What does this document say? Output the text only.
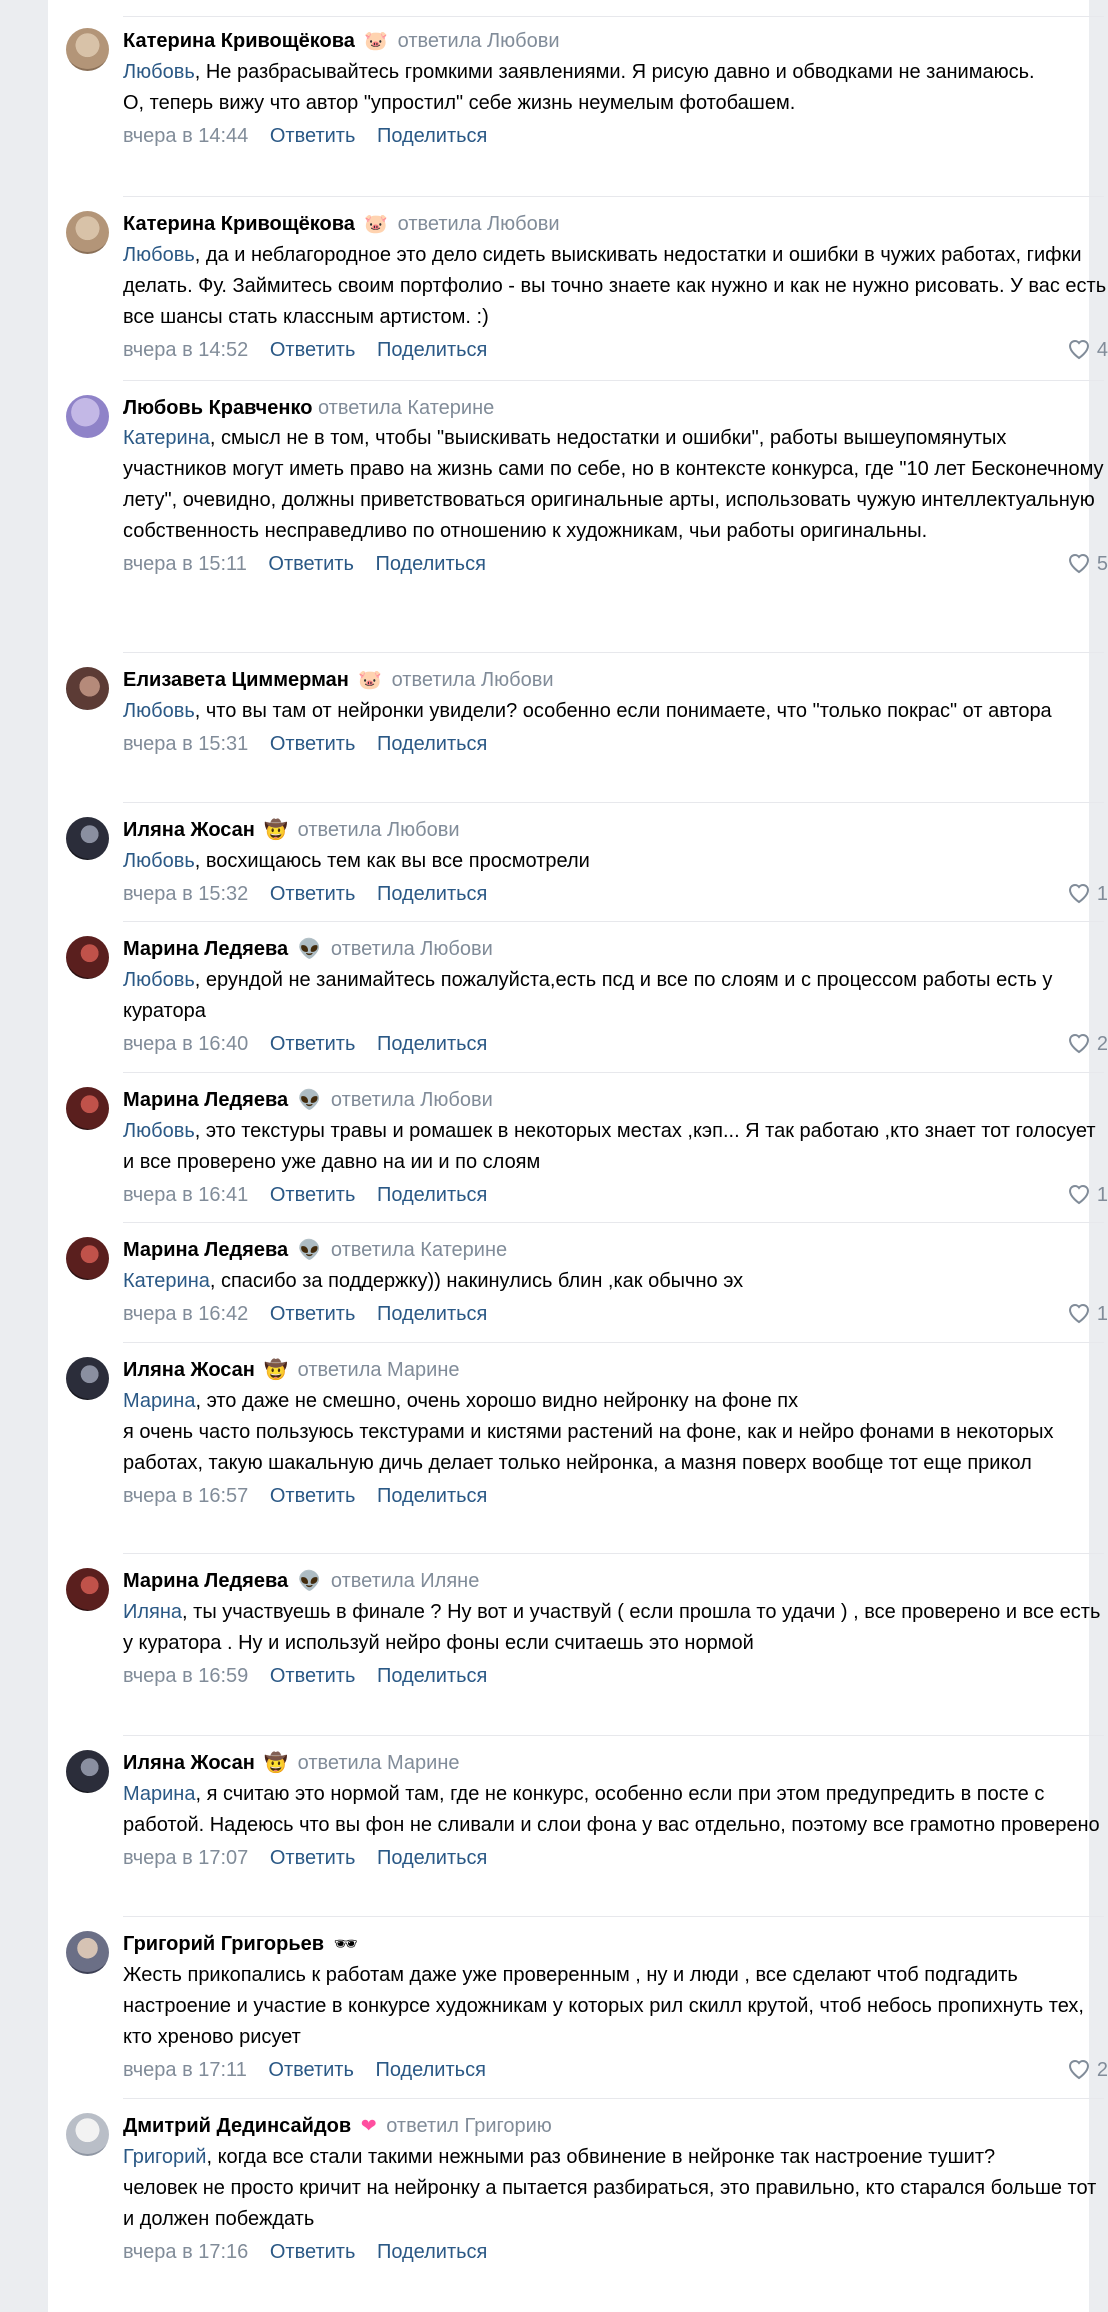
Катерина Кривощёкова 🐷 ответила Любови

Любовь, Не разбрасывайтесь громкими заявлениями. Я рисую давно и обводками не занимаюсь.

О, теперь вижу что автор "упростил" себе жизнь неумелым фотобашем.

вчера в 14:44 Ответить Поделиться
Катерина Кривощёкова 🐷 ответила Любови

Любовь, да и неблагородное это дело сидеть выискивать недостатки и ошибки в чужих работах, гифки делать. Фу. Займитесь своим портфолио - вы точно знаете как нужно и как не нужно рисовать. У вас есть все шансы стать классным артистом. :)

вчера в 14:52 Ответить Поделиться	4
Любовь Кравченко ответила Катерине

Катерина, смысл не в том, чтобы "выискивать недостатки и ошибки", работы вышеупомянутых участников могут иметь право на жизнь сами по себе, но в контексте конкурса, где "10 лет Бесконечному лету", очевидно, должны приветствоваться оригинальные арты, использовать чужую интеллектуальную собственность несправедливо по отношению к художникам, чьи работы оригинальны.

вчера в 15:11 Ответить Поделиться	5
Елизавета Циммерман 🐷 ответила Любови

Любовь, что вы там от нейронки увидели? особенно если понимаете, что "только покрас" от автора

вчера в 15:31 Ответить Поделиться
Иляна Жосан 🤠 ответила Любови

Любовь, восхищаюсь тем как вы все просмотрели

вчера в 15:32 Ответить Поделиться	1
Марина Ледяева 👽 ответила Любови

Любовь, ерундой не занимайтесь пожалуйста,есть псд и все по слоям и с процессом работы есть у куратора

вчера в 16:40 Ответить Поделиться	2
Марина Ледяева 👽 ответила Любови

Любовь, это текстуры травы и ромашек в некоторых местах ,кэп... Я так работаю ,кто знает тот голосует и все проверено уже давно на ии и по слоям

вчера в 16:41 Ответить Поделиться	1
Марина Ледяева 👽 ответила Катерине

Катерина, спасибо за поддержку)) накинулись блин ,как обычно эх

вчера в 16:42 Ответить Поделиться	1
Иляна Жосан 🤠 ответила Марине

Марина, это даже не смешно, очень хорошо видно нейронку на фоне пх

я очень часто пользуюсь текстурами и кистями растений на фоне, как и нейро фонами в некоторых работах, такую шакальную дичь делает только нейронка, а мазня поверх вообще тот еще прикол

вчера в 16:57 Ответить Поделиться
Марина Ледяева 👽 ответила Иляне

Иляна, ты участвуешь в финале ? Ну вот и участвуй ( если прошла то удачи ) , все проверено и все есть у куратора . Ну и используй нейро фоны если считаешь это нормой

вчера в 16:59 Ответить Поделиться
Иляна Жосан 🤠 ответила Марине

Марина, я считаю это нормой там, где не конкурс, особенно если при этом предупредить в посте с работой. Надеюсь что вы фон не сливали и слои фона у вас отдельно, поэтому все грамотно проверено

вчера в 17:07 Ответить Поделиться
Григорий Григорьев 🕶

Жесть прикопались к работам даже уже проверенным , ну и люди , все сделают чтоб подгадить настроение и участие в конкурсе художникам у которых рил скилл крутой, чтоб небось пропихнуть тех, кто хреново рисует

вчера в 17:11 Ответить Поделиться	2
Дмитрий Дединсайдов ❤ ответил Григорию

Григорий, когда все стали такими нежными раз обвинение в нейронке так настроение тушит?

человек не просто кричит на нейронку а пытается разбираться, это правильно, кто старался больше тот и должен побеждать

вчера в 17:16 Ответить Поделиться
